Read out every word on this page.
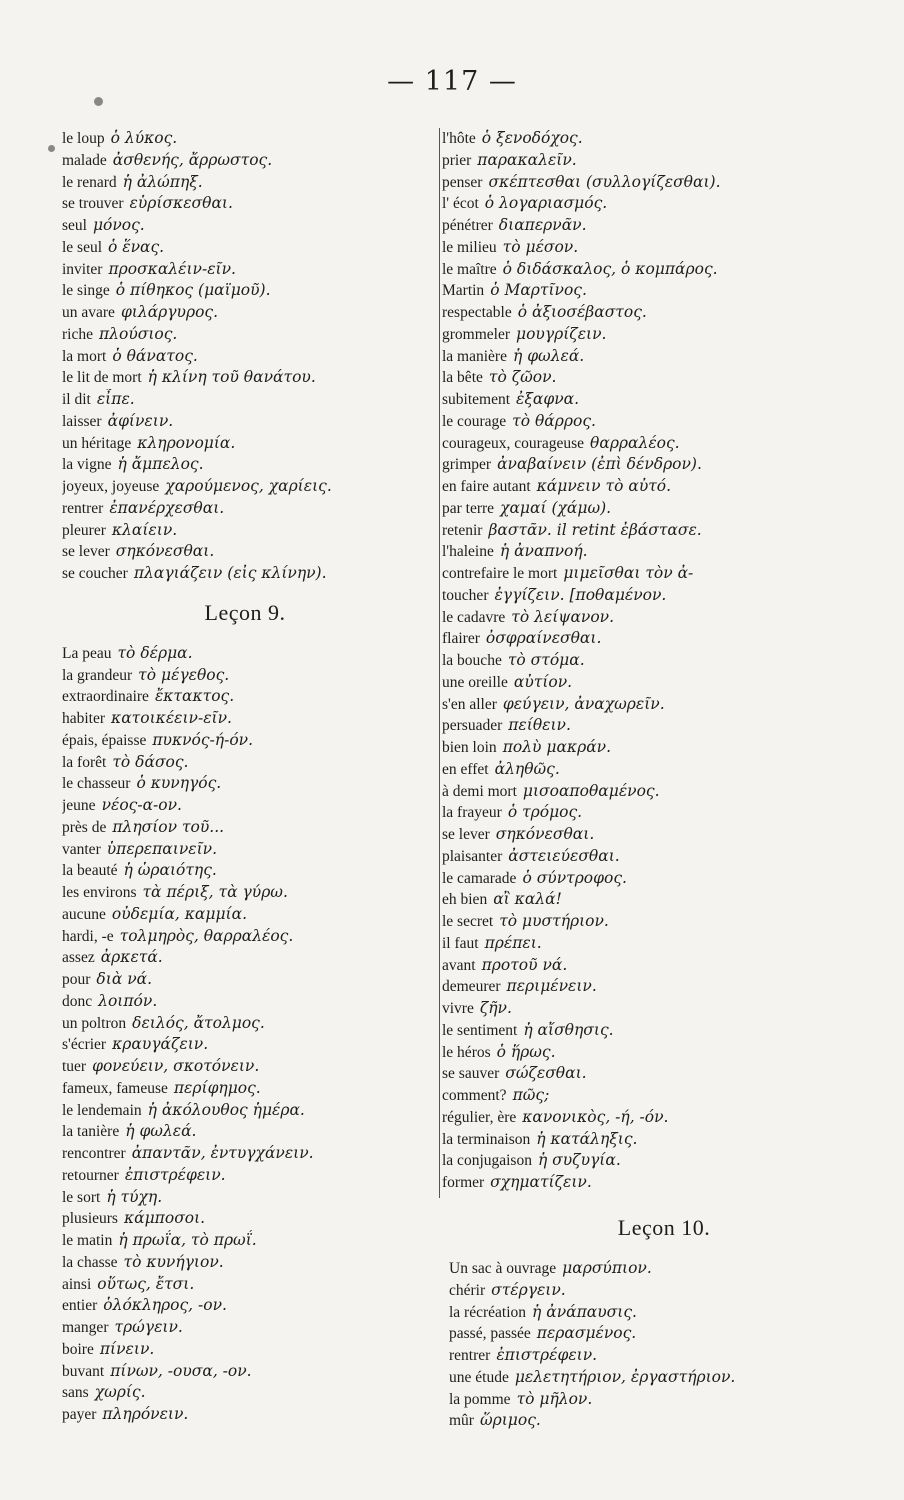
— 117 —
le loup ὁ λύκος.
malade ἀσθενής, ἄρρωστος.
le renard ἡ ἀλώπηξ.
se trouver εὑρίσκεσθαι.
seul μόνος.
le seul ὁ ἕνας.
inviter προσκαλέιν-εῖν.
le singe ὁ πίθηκος (μαϊμοῦ).
un avare φιλάργυρος.
riche πλούσιος.
la mort ὁ θάνατος.
le lit de mort ἡ κλίνη τοῦ θανάτου.
il dit εἶπε.
laisser ἀφίνειν.
un héritage κληρονομία.
la vigne ἡ ἄμπελος.
joyeux, joyeuse χαρούμενος, χαρίεις.
rentrer ἐπανέρχεσθαι.
pleurer κλαίειν.
se lever σηκόνεσθαι.
se coucher πλαγιάζειν (εἰς κλίνην).
Leçon 9.
La peau τὸ δέρμα.
la grandeur τὸ μέγεθος.
extraordinaire ἔκτακτος.
habiter κατοικέειν-εῖν.
épais, épaisse πυκνός-ή-όν.
la forêt τὸ δάσος.
le chasseur ὁ κυνηγός.
jeune νέος-α-ον.
près de πλησίον τοῦ...
vanter ὑπερεπαινεῖν.
la beauté ἡ ὡραιότης.
les environs τὰ πέριξ, τὰ γύρω.
aucune οὐδεμία, καμμία.
hardi, -e τολμηρὸς, θαρραλέος.
assez ἀρκετά.
pour διὰ νά.
donc λοιπόν.
un poltron δειλός, ἄτολμος.
s'écrier κραυγάζειν.
tuer φονεύειν, σκοτόνειν.
fameux, fameuse περίφημος.
le lendemain ἡ ἀκόλουθος ἡμέρα.
la tanière ἡ φωλεά.
rencontrer ἀπαντᾶν, ἐντυγχάνειν.
retourner ἐπιστρέφειν.
le sort ἡ τύχη.
plusieurs κάμποσοι.
le matin ἡ πρωΐα, τὸ πρωΐ.
la chasse τὸ κυνήγιον.
ainsi οὕτως, ἔτσι.
entier ὁλόκληρος, -ον.
manger τρώγειν.
boire πίνειν.
buvant πίνων, -ουσα, -ον.
sans χωρίς.
payer πληρόνειν.
l'hôte ὁ ξενοδόχος.
prier παρακαλεῖν.
penser σκέπτεσθαι (συλλογίζεσθαι).
l' écot ὁ λογαριασμός.
pénétrer διαπερνᾶν.
le milieu τὸ μέσον.
le maître ὁ διδάσκαλος, ὁ κομπάρος.
Martin ὁ Μαρτῖνος.
respectable ὁ ἀξιοσέβαστος.
grommeler μουγρίζειν.
la manière ἡ φωλεά.
la bête τὸ ζῶον.
subitement ἐξαφνα.
le courage τὸ θάρρος.
courageux, courageuse θαρραλέος.
grimper ἀναβαίνειν (ἐπὶ δένδρον).
en faire autant κάμνειν τὸ αὐτό.
par terre χαμαί (χάμω).
retenir βαστᾶν. il retint ἐβάστασε.
l'haleine ἡ ἀναπνοή.
contrefaire le mort μιμεῖσθαι τὸν ἀ-
toucher ἐγγίζειν. [ποθαμένον.
le cadavre τὸ λείψανον.
flairer ὀσφραίνεσθαι.
la bouche τὸ στόμα.
une oreille αὐτίον.
s'en aller φεύγειν, ἀναχωρεῖν.
persuader πείθειν.
bien loin πολὺ μακράν.
en effet ἀληθῶς.
à demi mort μισοαποθαμένος.
la frayeur ὁ τρόμος.
se lever σηκόνεσθαι.
plaisanter ἀστειεύεσθαι.
le camarade ὁ σύντροφος.
eh bien αἲ καλά!
le secret τὸ μυστήριον.
il faut πρέπει.
avant προτοῦ νά.
demeurer περιμένειν.
vivre ζῆν.
le sentiment ἡ αἴσθησις.
le héros ὁ ἥρως.
se sauver σώζεσθαι.
comment? πῶς;
régulier, ère κανονικὸς, -ή, -όν.
la terminaison ἡ κατάληξις.
la conjugaison ἡ συζυγία.
former σχηματίζειν.
Leçon 10.
Un sac à ouvrage μαρσύπιον.
chérir στέργειν.
la récréation ἡ ἀνάπαυσις.
passé, passée περασμένος.
rentrer ἐπιστρέφειν.
une étude μελετητήριον, ἐργαστήριον.
la pomme τὸ μῆλον.
mûr ὥριμος.
